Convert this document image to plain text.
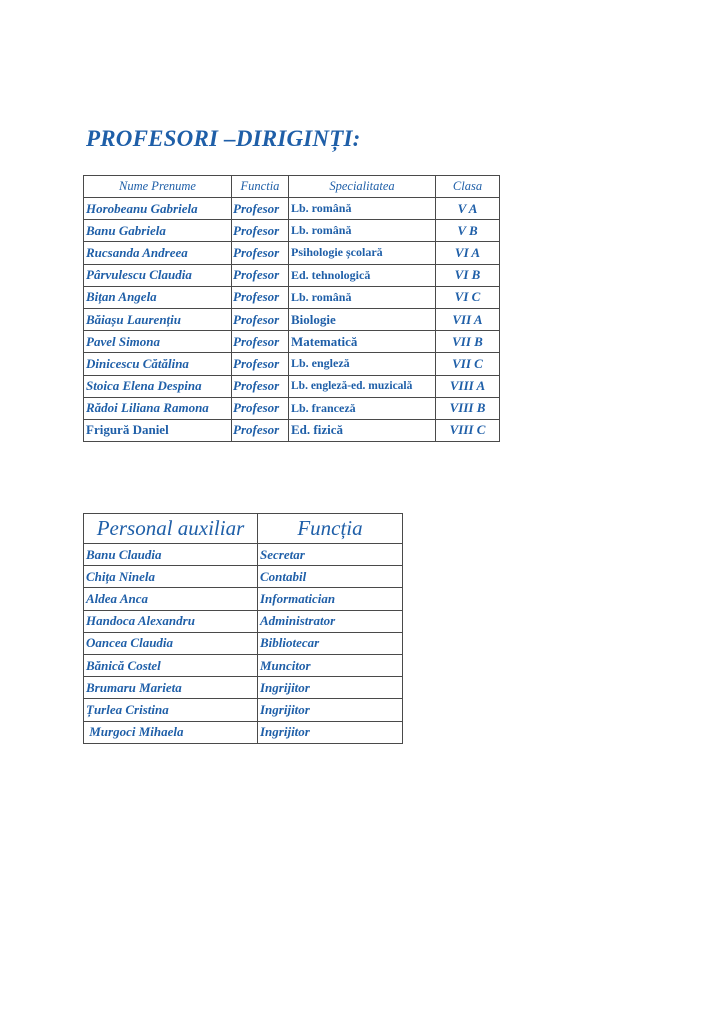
PROFESORI –DIRIGINȚI:
Nume Prenume	Functia	Specialitatea	Clasa
Horobeanu Gabriela	Profesor	Lb. română	V A
Banu Gabriela	Profesor	Lb. română	V B
Rucsanda Andreea	Profesor	Psihologie școlară	VI A
Pârvulescu Claudia	Profesor	Ed. tehnologică	VI B
Bițan Angela	Profesor	Lb. română	VI C
Băiașu Laurențiu	Profesor	Biologie	VII A
Pavel Simona	Profesor	Matematică	VII B
Dinicescu Cătălina	Profesor	Lb. engleză	VII C
Stoica Elena Despina	Profesor	Lb. engleză-ed. muzicală	VIII A
Rădoi Liliana Ramona	Profesor	Lb. franceză	VIII B
Frigură Daniel	Profesor	Ed. fizică	VIII C
Personal auxiliar	Funcția
Banu Claudia	Secretar
Chița Ninela	Contabil
Aldea Anca	Informatician
Handoca Alexandru	Administrator
Oancea Claudia	Bibliotecar
Bănică Costel	Muncitor
Brumaru Marieta	Ingrijitor
Țurlea Cristina	Ingrijitor
Murgoci Mihaela	Ingrijitor
